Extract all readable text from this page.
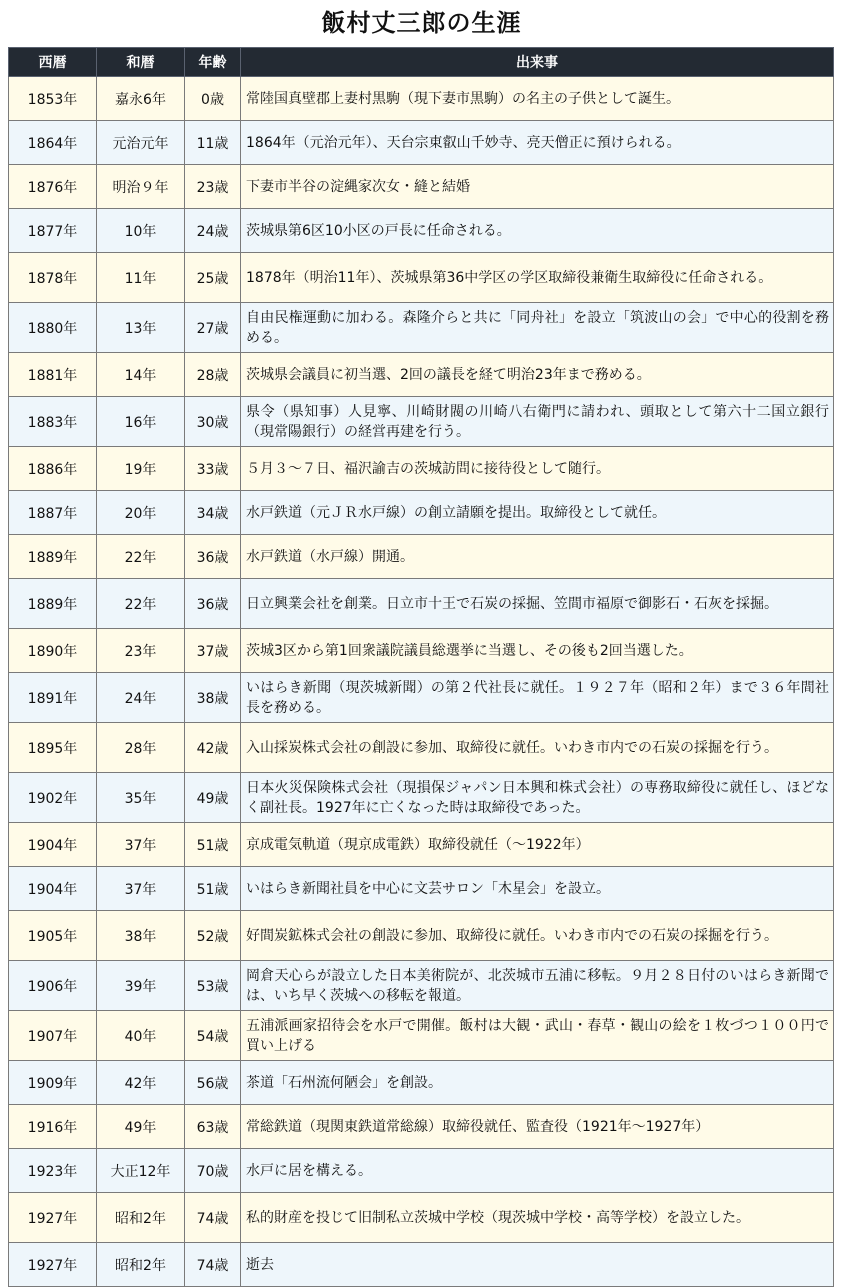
飯村丈三郎の生涯
西暦	和暦	年齢	出来事
1853年	嘉永6年	0歳	常陸国真壁郡上妻村黒駒（現下妻市黒駒）の名主の子供として誕生。
1864年	元治元年	11歳	1864年（元治元年）、天台宗東叡山千妙寺、亮天僧正に預けられる。
1876年	明治９年	23歳	下妻市半谷の淀縄家次女・縫と結婚
1877年	10年	24歳	茨城県第6区10小区の戸長に任命される。
1878年	11年	25歳	1878年（明治11年）、茨城県第36中学区の学区取締役兼衛生取締役に任命される。
1880年	13年	27歳	自由民権運動に加わる。森隆介らと共に「同舟社」を設立「筑波山の会」で中心的役割を務める。
1881年	14年	28歳	茨城県会議員に初当選、2回の議長を経て明治23年まで務める。
1883年	16年	30歳	県令（県知事）人見寧、川崎財閥の川崎八右衛門に請われ、頭取として第六十二国立銀行（現常陽銀行）の経営再建を行う。
1886年	19年	33歳	５月３～７日、福沢諭吉の茨城訪問に接待役として随行。
1887年	20年	34歳	水戸鉄道（元ＪＲ水戸線）の創立請願を提出。取締役として就任。
1889年	22年	36歳	水戸鉄道（水戸線）開通。
1889年	22年	36歳	日立興業会社を創業。日立市十王で石炭の採掘、笠間市福原で御影石・石灰を採掘。
1890年	23年	37歳	茨城3区から第1回衆議院議員総選挙に当選し、その後も2回当選した。
1891年	24年	38歳	いはらき新聞（現茨城新聞）の第２代社長に就任。１９２７年（昭和２年）まで３６年間社長を務める。
1895年	28年	42歳	入山採炭株式会社の創設に参加、取締役に就任。いわき市内での石炭の採掘を行う。
1902年	35年	49歳	日本火災保険株式会社（現損保ジャパン日本興和株式会社）の専務取締役に就任し、ほどなく副社長。1927年に亡くなった時は取締役であった。
1904年	37年	51歳	京成電気軌道（現京成電鉄）取締役就任（～1922年）
1904年	37年	51歳	いはらき新聞社員を中心に文芸サロン「木星会」を設立。
1905年	38年	52歳	好間炭鉱株式会社の創設に参加、取締役に就任。いわき市内での石炭の採掘を行う。
1906年	39年	53歳	岡倉天心らが設立した日本美術院が、北茨城市五浦に移転。９月２８日付のいはらき新聞では、いち早く茨城への移転を報道。
1907年	40年	54歳	五浦派画家招待会を水戸で開催。飯村は大観・武山・春草・観山の絵を１枚づつ１００円で買い上げる
1909年	42年	56歳	茶道「石州流何陋会」を創設。
1916年	49年	63歳	常総鉄道（現関東鉄道常総線）取締役就任、監査役（1921年～1927年）
1923年	大正12年	70歳	水戸に居を構える。
1927年	昭和2年	74歳	私的財産を投じて旧制私立茨城中学校（現茨城中学校・高等学校）を設立した。
1927年	昭和2年	74歳	逝去
